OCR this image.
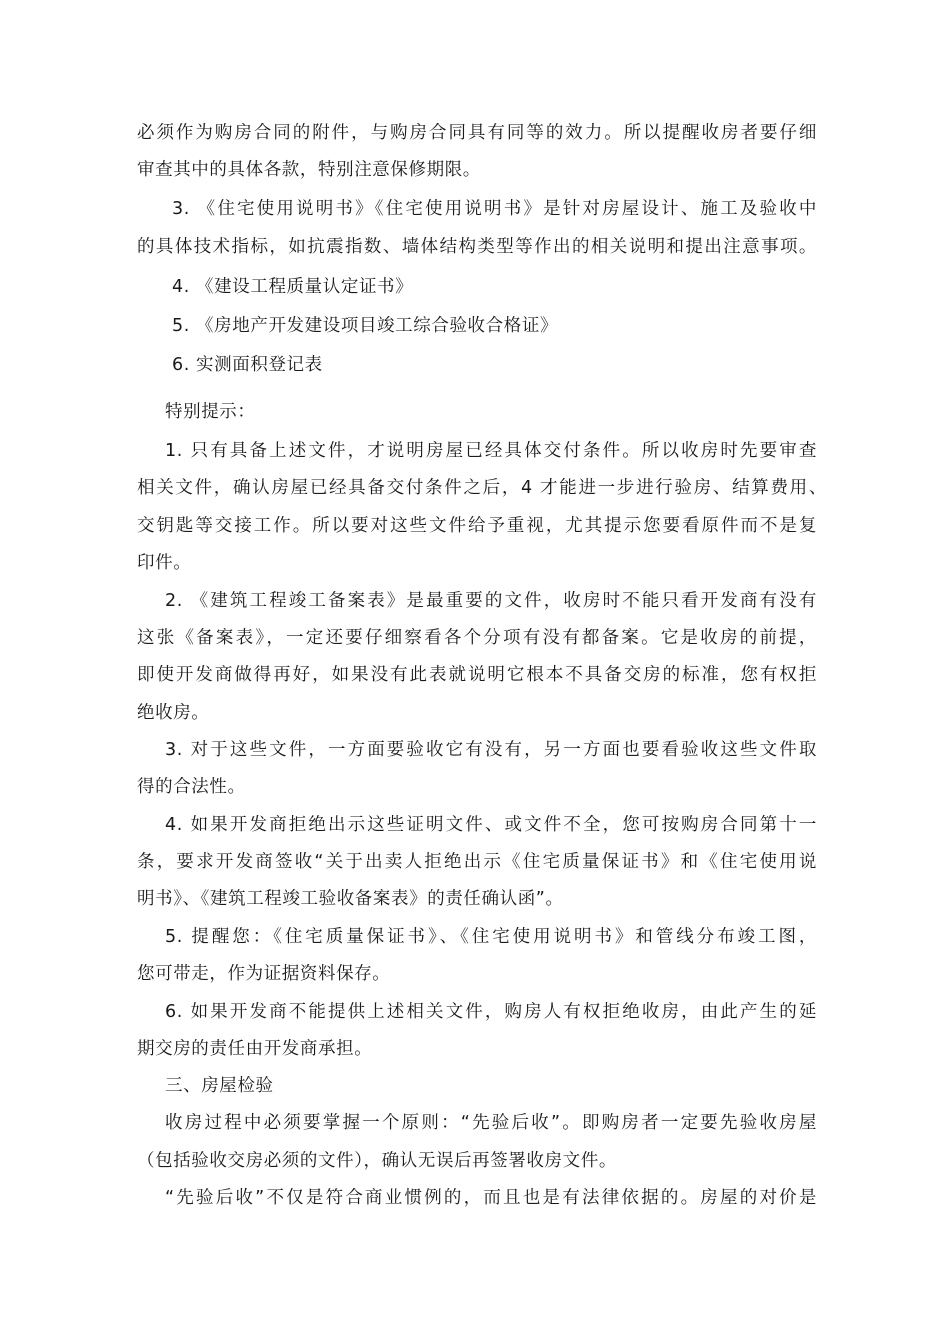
必须作为购房合同的附件，与购房合同具有同等的效力。所以提醒收房者要仔细
审查其中的具体各款，特别注意保修期限。
3. 《住宅使用说明书》《住宅使用说明书》是针对房屋设计、施工及验收中
的具体技术指标，如抗震指数、墙体结构类型等作出的相关说明和提出注意事项。
4. 《建设工程质量认定证书》
5. 《房地产开发建设项目竣工综合验收合格证》
6. 实测面积登记表
特别提示：
1. 只有具备上述文件，才说明房屋已经具体交付条件。所以收房时先要审查
相关文件，确认房屋已经具备交付条件之后，4 才能进一步进行验房、结算费用、
交钥匙等交接工作。所以要对这些文件给予重视，尤其提示您要看原件而不是复
印件。
2. 《建筑工程竣工备案表》是最重要的文件，收房时不能只看开发商有没有
这张《备案表》，一定还要仔细察看各个分项有没有都备案。它是收房的前提，
即使开发商做得再好，如果没有此表就说明它根本不具备交房的标准，您有权拒
绝收房。
3. 对于这些文件，一方面要验收它有没有，另一方面也要看验收这些文件取
得的合法性。
4. 如果开发商拒绝出示这些证明文件、或文件不全，您可按购房合同第十一
条，要求开发商签收“关于出卖人拒绝出示《住宅质量保证书》和《住宅使用说
明书》、《建筑工程竣工验收备案表》的责任确认函”。
5. 提醒您：《住宅质量保证书》、《住宅使用说明书》和管线分布竣工图，
您可带走，作为证据资料保存。
6. 如果开发商不能提供上述相关文件，购房人有权拒绝收房，由此产生的延
期交房的责任由开发商承担。
三、房屋检验
收房过程中必须要掌握一个原则：“先验后收”。即购房者一定要先验收房屋
（包括验收交房必须的文件），确认无误后再签署收房文件。
“先验后收”不仅是符合商业惯例的，而且也是有法律依据的。房屋的对价是
